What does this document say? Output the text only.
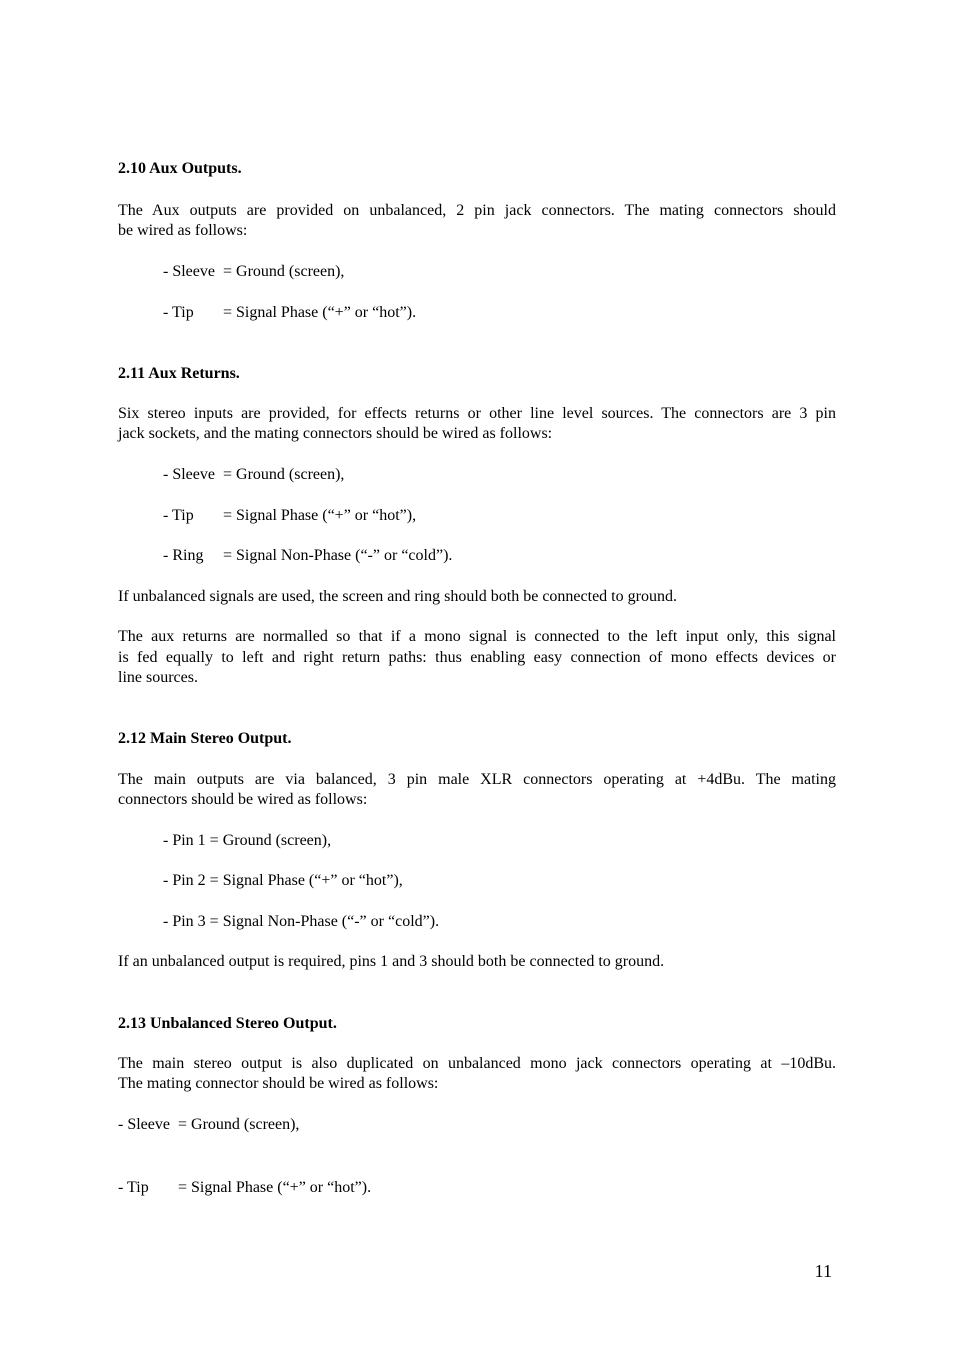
2.10 Aux Outputs.
The Aux outputs are provided on unbalanced, 2 pin jack connectors. The mating connectors should
be wired as follows:
- Sleeve = Ground (screen),
- Tip = Signal Phase (“+” or “hot”).
2.11 Aux Returns.
Six stereo inputs are provided, for effects returns or other line level sources. The connectors are 3 pin
jack sockets, and the mating connectors should be wired as follows:
- Sleeve = Ground (screen),
- Tip = Signal Phase (“+” or “hot”),
- Ring = Signal Non-Phase (“-” or “cold”).
If unbalanced signals are used, the screen and ring should both be connected to ground.
The aux returns are normalled so that if a mono signal is connected to the left input only, this signal
is fed equally to left and right return paths: thus enabling easy connection of mono effects devices or
line sources.
2.12 Main Stereo Output.
The main outputs are via balanced, 3 pin male XLR connectors operating at +4dBu. The mating
connectors should be wired as follows:
- Pin 1 = Ground (screen),
- Pin 2 = Signal Phase (“+” or “hot”),
- Pin 3 = Signal Non-Phase (“-” or “cold”).
If an unbalanced output is required, pins 1 and 3 should both be connected to ground.
2.13 Unbalanced Stereo Output.
The main stereo output is also duplicated on unbalanced mono jack connectors operating at –10dBu.
The mating connector should be wired as follows:
- Sleeve = Ground (screen),
- Tip = Signal Phase (“+” or “hot”).
11
